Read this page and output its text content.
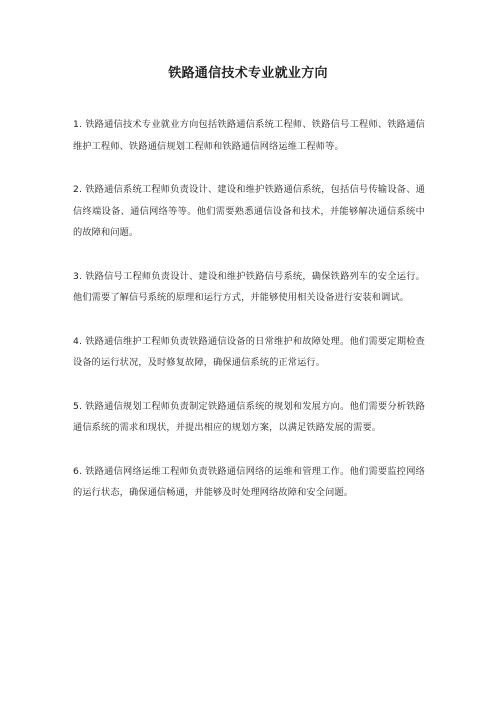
铁路通信技术专业就业方向

1. 铁路通信技术专业就业方向包括铁路通信系统工程师、铁路信号工程师、铁路通信维护工程师、铁路通信规划工程师和铁路通信网络运维工程师等。

2. 铁路通信系统工程师负责设计、建设和维护铁路通信系统，包括信号传输设备、通信终端设备、通信网络等等。他们需要熟悉通信设备和技术，并能够解决通信系统中的故障和问题。

3. 铁路信号工程师负责设计、建设和维护铁路信号系统，确保铁路列车的安全运行。他们需要了解信号系统的原理和运行方式，并能够使用相关设备进行安装和调试。

4. 铁路通信维护工程师负责铁路通信设备的日常维护和故障处理。他们需要定期检查设备的运行状况，及时修复故障，确保通信系统的正常运行。

5. 铁路通信规划工程师负责制定铁路通信系统的规划和发展方向。他们需要分析铁路通信系统的需求和现状，并提出相应的规划方案，以满足铁路发展的需要。

6. 铁路通信网络运维工程师负责铁路通信网络的运维和管理工作。他们需要监控网络的运行状态，确保通信畅通，并能够及时处理网络故障和安全问题。
